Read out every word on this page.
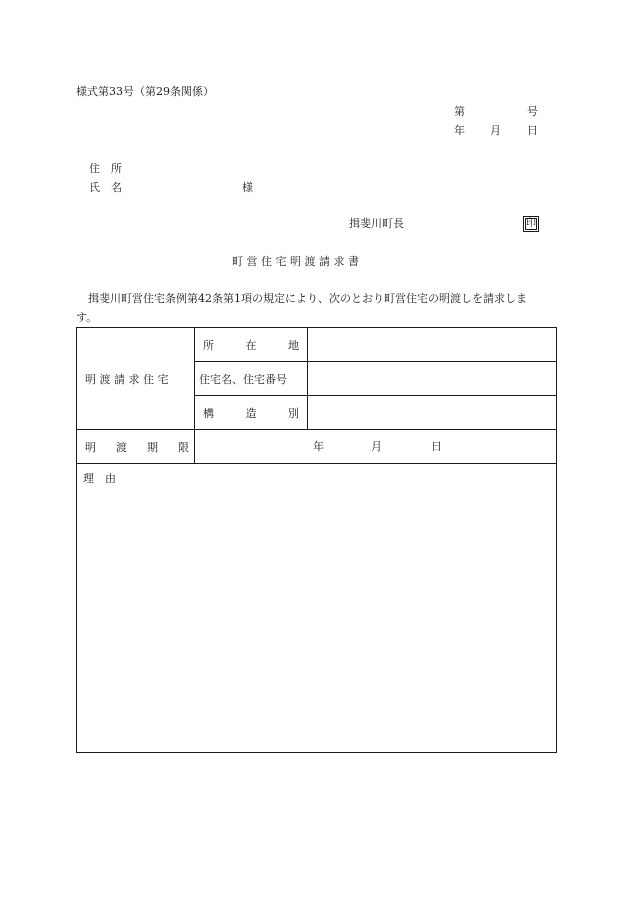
様式第33号（第29条関係）
第	号
年 月 日
住　所
氏　名	様
揖斐川町長	印
町 営 住 宅 明 渡 請 求 書
揖斐川町営住宅条例第42条第1項の規定により、次のとおり町営住宅の明渡しを請求しま
す。
明 渡 請 求 住 宅	所在地	
	住宅名、住宅番号	
	構造別	
明渡期限	年 月 日	

理　由		
